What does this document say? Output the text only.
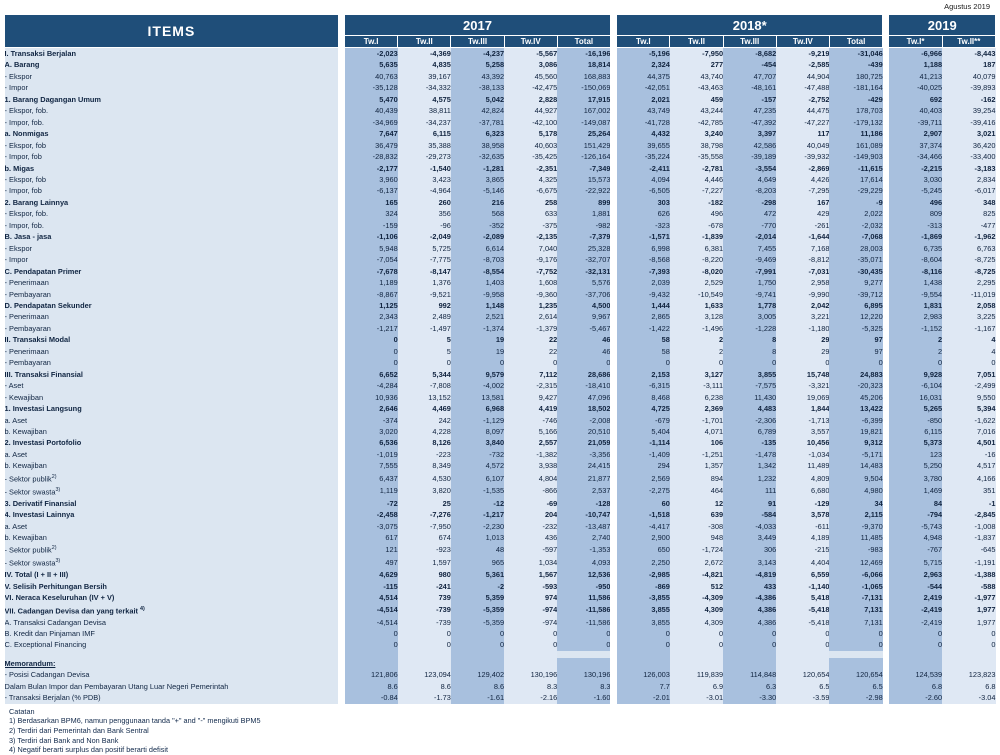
Agustus 2019
ITEMS		2017						2018*						2019	
		Tw.I	Tw.II	Tw.III	Tw.IV	Total		Tw.I	Tw.II	Tw.III	Tw.IV	Total		Tw.I*	Tw.II**
I. Transaksi Berjalan		-2,023	-4,369	-4,237	-5,567	-16,196		-5,196	-7,950	-8,682	-9,219	-31,046		-6,966	-8,443
A. Barang		5,635	4,835	5,258	3,086	18,814		2,324	277	-454	-2,585	-439		1,188	187
- Ekspor		40,763	39,167	43,392	45,560	168,883		44,375	43,740	47,707	44,904	180,725		41,213	40,079
- Impor		-35,128	-34,332	-38,133	-42,475	-150,069		-42,051	-43,463	-48,161	-47,488	-181,164		-40,025	-39,893
1. Barang Dagangan Umum		5,470	4,575	5,042	2,828	17,915		2,021	459	-157	-2,752	-429		692	-162
- Ekspor, fob.		40,439	38,811	42,824	44,927	167,002		43,749	43,244	47,235	44,475	178,703		40,403	39,254
- Impor, fob.		-34,969	-34,237	-37,781	-42,100	-149,087		-41,728	-42,785	-47,392	-47,227	-179,132		-39,711	-39,416
a. Nonmigas		7,647	6,115	6,323	5,178	25,264		4,432	3,240	3,397	117	11,186		2,907	3,021
- Ekspor, fob		36,479	35,388	38,958	40,603	151,429		39,655	38,798	42,586	40,049	161,089		37,374	36,420
- Impor, fob		-28,832	-29,273	-32,635	-35,425	-126,164		-35,224	-35,558	-39,189	-39,932	-149,903		-34,466	-33,400
b. Migas		-2,177	-1,540	-1,281	-2,351	-7,349		-2,411	-2,781	-3,554	-2,869	-11,615		-2,215	-3,183
- Ekspor, fob		3,960	3,423	3,865	4,325	15,573		4,094	4,446	4,649	4,426	17,614		3,030	2,834
- Impor, fob		-6,137	-4,964	-5,146	-6,675	-22,922		-6,505	-7,227	-8,203	-7,295	-29,229		-5,245	-6,017
2. Barang Lainnya		165	260	216	258	899		303	-182	-298	167	-9		496	348
- Ekspor, fob.		324	356	568	633	1,881		626	496	472	429	2,022		809	825
- Impor, fob.		-159	-96	-352	-375	-982		-323	-678	-770	-261	-2,032		-313	-477
B. Jasa - jasa		-1,106	-2,049	-2,089	-2,135	-7,379		-1,571	-1,839	-2,014	-1,644	-7,068		-1,869	-1,962
- Ekspor		5,948	5,725	6,614	7,040	25,328		6,998	6,381	7,455	7,168	28,003		6,735	6,763
- Impor		-7,054	-7,775	-8,703	-9,176	-32,707		-8,568	-8,220	-9,469	-8,812	-35,071		-8,604	-8,725
C. Pendapatan Primer		-7,678	-8,147	-8,554	-7,752	-32,131		-7,393	-8,020	-7,991	-7,031	-30,435		-8,116	-8,725
- Penerimaan		1,189	1,376	1,403	1,608	5,576		2,039	2,529	1,750	2,958	9,277		1,438	2,295
- Pembayaran		-8,867	-9,521	-9,958	-9,360	-37,706		-9,432	-10,549	-9,741	-9,990	-39,712		-9,554	-11,019
D. Pendapatan Sekunder		1,125	992	1,148	1,235	4,500		1,444	1,633	1,778	2,042	6,895		1,831	2,058
- Penerimaan		2,343	2,489	2,521	2,614	9,967		2,865	3,128	3,005	3,221	12,220		2,983	3,225
- Pembayaran		-1,217	-1,497	-1,374	-1,379	-5,467		-1,422	-1,496	-1,228	-1,180	-5,325		-1,152	-1,167
II. Transaksi Modal		0	5	19	22	46		58	2	8	29	97		2	4
- Penerimaan		0	5	19	22	46		58	2	8	29	97		2	4
- Pembayaran		0	0	0	0	0		0	0	0	0	0		0	0
III. Transaksi Finansial		6,652	5,344	9,579	7,112	28,686		2,153	3,127	3,855	15,748	24,883		9,928	7,051
- Aset		-4,284	-7,808	-4,002	-2,315	-18,410		-6,315	-3,111	-7,575	-3,321	-20,323		-6,104	-2,499
- Kewajiban		10,936	13,152	13,581	9,427	47,096		8,468	6,238	11,430	19,069	45,206		16,031	9,550
1. Investasi Langsung		2,646	4,469	6,968	4,419	18,502		4,725	2,369	4,483	1,844	13,422		5,265	5,394
a. Aset		-374	242	-1,129	-746	-2,008		-679	-1,701	-2,306	-1,713	-6,399		-850	-1,622
b. Kewajiban		3,020	4,228	8,097	5,166	20,510		5,404	4,071	6,789	3,557	19,821		6,115	7,016
2. Investasi Portofolio		6,536	8,126	3,840	2,557	21,059		-1,114	106	-135	10,456	9,312		5,373	4,501
a. Aset		-1,019	-223	-732	-1,382	-3,356		-1,409	-1,251	-1,478	-1,034	-5,171		123	-16
b. Kewajiban		7,555	8,349	4,572	3,938	24,415		294	1,357	1,342	11,489	14,483		5,250	4,517
- Sektor publik$^{2)}$		6,437	4,530	6,107	4,804	21,877		2,569	894	1,232	4,809	9,504		3,780	4,166
- Sektor swasta$^{3)}$		1,119	3,820	-1,535	-866	2,537		-2,275	464	111	6,680	4,980		1,469	351
3. Derivatif Finansial		-72	25	-12	-69	-128		60	12	91	-129	34		84	-1
4. Investasi Lainnya		-2,458	-7,276	-1,217	204	-10,747		-1,518	639	-584	3,578	2,115		-794	-2,845
a. Aset		-3,075	-7,950	-2,230	-232	-13,487		-4,417	-308	-4,033	-611	-9,370		-5,743	-1,008
b. Kewajiban		617	674	1,013	436	2,740		2,900	948	3,449	4,189	11,485		4,948	-1,837
- Sektor publik$^{2)}$		121	-923	48	-597	-1,353		650	-1,724	306	-215	-983		-767	-645
- Sektor swasta$^{3)}$		497	1,597	965	1,034	4,093		2,250	2,672	3,143	4,404	12,469		5,715	-1,191
IV. Total (I + II + III)		4,629	980	5,361	1,567	12,536		-2,985	-4,821	-4,819	6,559	-6,066		2,963	-1,388
V. Selisih Perhitungan Bersih		-115	-241	-2	-593	-950		-869	512	433	-1,140	-1,065		-544	-588
VI. Neraca Keseluruhan (IV + V)		4,514	739	5,359	974	11,586		-3,855	-4,309	-4,386	5,418	-7,131		2,419	-1,977
VII. Cadangan Devisa dan yang terkait $^{4)}$		-4,514	-739	-5,359	-974	-11,586		3,855	4,309	4,386	-5,418	7,131		-2,419	1,977
A. Transaksi Cadangan Devisa		-4,514	-739	-5,359	-974	-11,586		3,855	4,309	4,386	-5,418	7,131		-2,419	1,977
B. Kredit dan Pinjaman IMF		0	0	0	0	0		0	0	0	0	0		0	0
C. Exceptional Financing		0	0	0	0	0		0	0	0	0	0		0	0

Memorandum:															
- Posisi Cadangan Devisa		121,806	123,094	129,402	130,196	130,196		126,003	119,839	114,848	120,654	120,654		124,539	123,823
Dalam Bulan Impor dan Pembayaran Utang Luar Negeri Pemerintah		8.6	8.6	8.6	8.3	8.3		7.7	6.9	6.3	6.5	6.5		6.8	6.8
- Transaksi Berjalan (% PDB)		-0.84	-1.73	-1.61	-2.16	-1.60		-2.01	-3.01	-3.30	-3.59	-2.98		-2.60	-3.04
Catatan
1) Berdasarkan BPM6, namun penggunaan tanda "+" and "-" mengikuti BPM5
2) Terdiri dari Pemerintah dan Bank Sentral
3) Terdiri dari Bank and Non Bank
4) Negatif berarti surplus dan positif berarti defisit
